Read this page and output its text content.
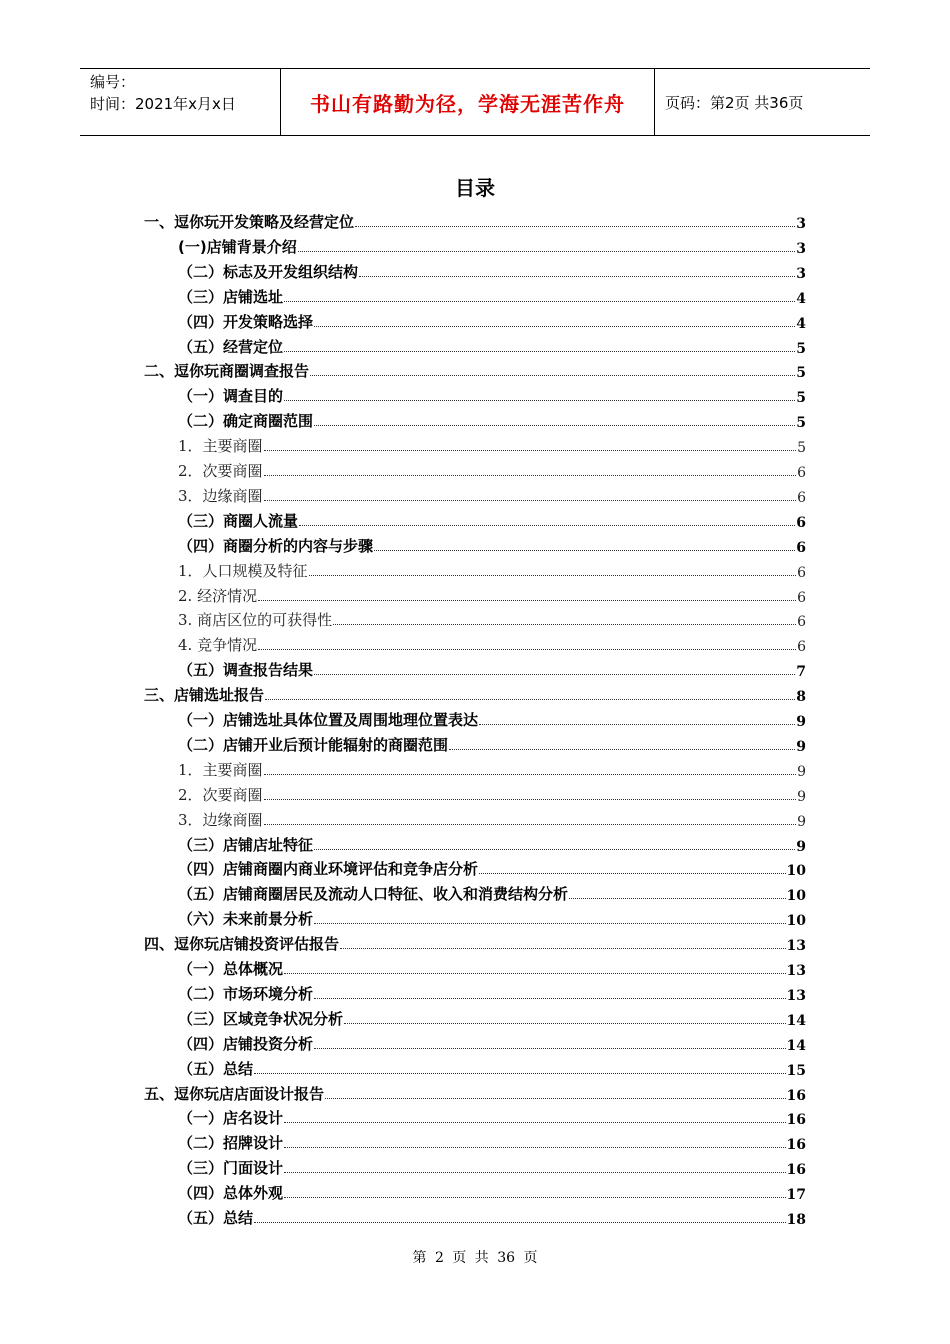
编号：
时间：2021年x月x日	书山有路勤为径，学海无涯苦作舟	页码：第2页 共36页
目录
一、逗你玩开发策略及经营定位	3
(一)店铺背景介绍	3
（二）标志及开发组织结构	3
（三）店铺选址	4
（四）开发策略选择	4
（五）经营定位	5
二、逗你玩商圈调查报告	5
（一）调查目的	5
（二）确定商圈范围	5
1．主要商圈	5
2．次要商圈	6
3．边缘商圈	6
（三）商圈人流量	6
（四）商圈分析的内容与步骤	6
1．人口规模及特征	6
2. 经济情况	6
3. 商店区位的可获得性	6
4. 竞争情况	6
（五）调查报告结果	7
三、店铺选址报告	8
（一）店铺选址具体位置及周围地理位置表达	9
（二）店铺开业后预计能辐射的商圈范围	9
1．主要商圈	9
2．次要商圈	9
3．边缘商圈	9
（三）店铺店址特征	9
（四）店铺商圈内商业环境评估和竞争店分析	10
（五）店铺商圈居民及流动人口特征、收入和消费结构分析	10
（六）未来前景分析	10
四、逗你玩店铺投资评估报告	13
（一）总体概况	13
（二）市场环境分析	13
（三）区域竞争状况分析	14
（四）店铺投资分析	14
（五）总结	15
五、逗你玩店店面设计报告	16
（一）店名设计	16
（二）招牌设计	16
（三）门面设计	16
（四）总体外观	17
（五）总结	18
第 2 页 共 36 页
